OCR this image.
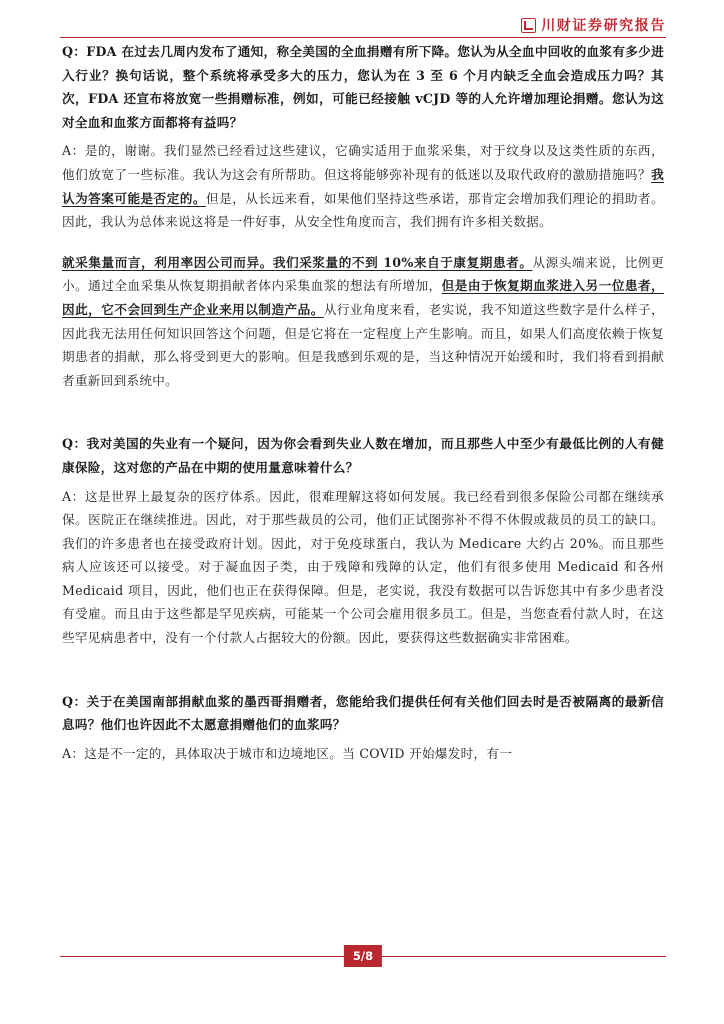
川财证券研究报告

Q：FDA 在过去几周内发布了通知，称全美国的全血捐赠有所下降。您认为从全血中回收的血浆有多少进入行业？换句话说，整个系统将承受多大的压力，您认为在 3 至 6 个月内缺乏全血会造成压力吗？其次，FDA 还宣布将放宽一些捐赠标准，例如，可能已经接触 vCJD 等的人允许增加理论捐赠。您认为这对全血和血浆方面都将有益吗？

A：是的，谢谢。我们显然已经看过这些建议，它确实适用于血浆采集，对于纹身以及这类性质的东西，他们放宽了一些标准。我认为这会有所帮助。但这将能够弥补现有的低迷以及取代政府的激励措施吗？我认为答案可能是否定的。但是，从长远来看，如果他们坚持这些承诺，那肯定会增加我们理论的捐助者。因此，我认为总体来说这将是一件好事，从安全性角度而言，我们拥有许多相关数据。

就采集量而言，利用率因公司而异。我们采浆量的不到 10%来自于康复期患者。从源头端来说，比例更小。通过全血采集从恢复期捐献者体内采集血浆的想法有所增加，但是由于恢复期血浆进入另一位患者，因此，它不会回到生产企业来用以制造产品。从行业角度来看，老实说，我不知道这些数字是什么样子，因此我无法用任何知识回答这个问题，但是它将在一定程度上产生影响。而且，如果人们高度依赖于恢复期患者的捐献，那么将受到更大的影响。但是我感到乐观的是，当这种情况开始缓和时，我们将看到捐献者重新回到系统中。

Q：我对美国的失业有一个疑问，因为你会看到失业人数在增加，而且那些人中至少有最低比例的人有健康保险，这对您的产品在中期的使用量意味着什么？

A：这是世界上最复杂的医疗体系。因此，很难理解这将如何发展。我已经看到很多保险公司都在继续承保。医院正在继续推进。因此，对于那些裁员的公司，他们正试图弥补不得不休假或裁员的员工的缺口。我们的许多患者也在接受政府计划。因此，对于免疫球蛋白，我认为 Medicare 大约占 20%。而且那些病人应该还可以接受。对于凝血因子类，由于残障和残障的认定，他们有很多使用 Medicaid 和各州 Medicaid 项目，因此，他们也正在获得保障。但是，老实说，我没有数据可以告诉您其中有多少患者没有受雇。而且由于这些都是罕见疾病，可能某一个公司会雇用很多员工。但是，当您查看付款人时，在这些罕见病患者中，没有一个付款人占据较大的份额。因此，要获得这些数据确实非常困难。

Q：关于在美国南部捐献血浆的墨西哥捐赠者，您能给我们提供任何有关他们回去时是否被隔离的最新信息吗？他们也许因此不太愿意捐赠他们的血浆吗？

A：这是不一定的，具体取决于城市和边境地区。当 COVID 开始爆发时，有一

5/8
